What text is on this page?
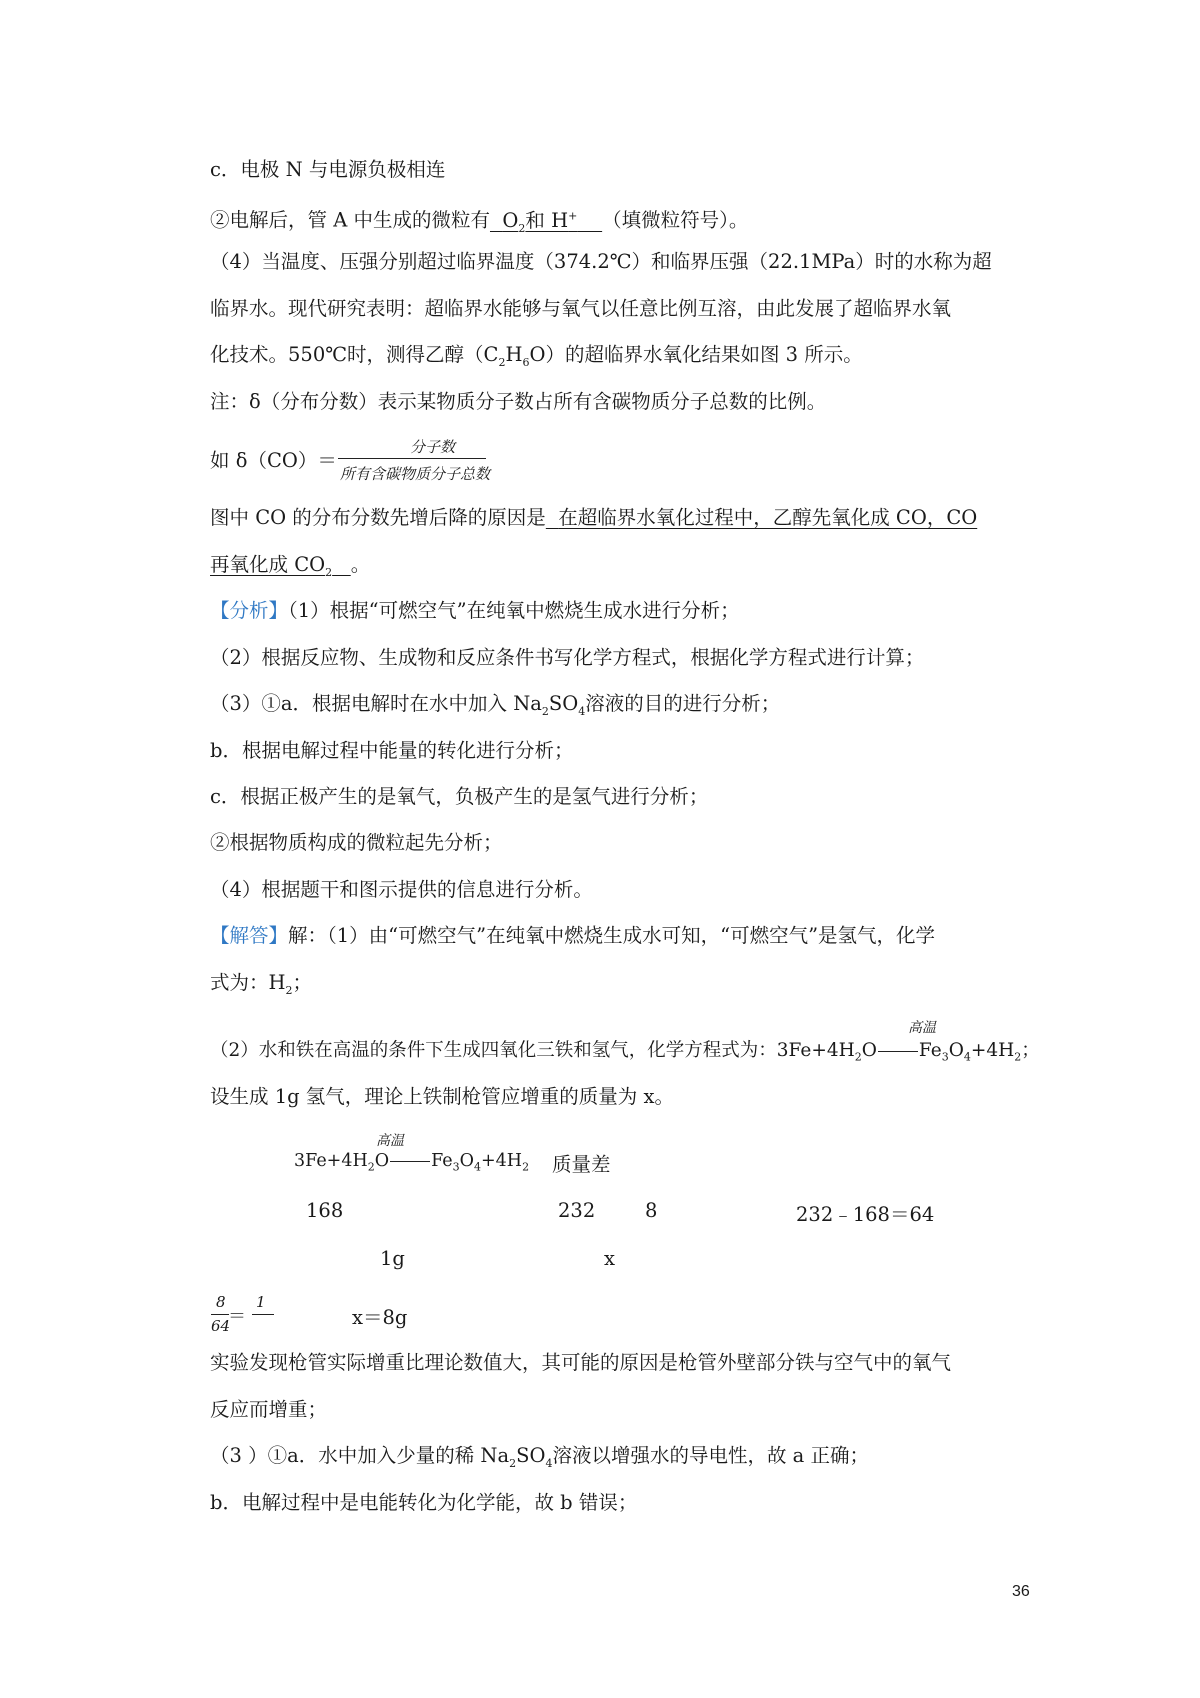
c．电极 N 与电源负极相连
②电解后，管 A 中生成的微粒有 $O_2$和 H+ （填微粒符号）。
（4）当温度、压强分别超过临界温度（374.2℃）和临界压强（22.1MPa）时的水称为超
临界水。现代研究表明：超临界水能够与氧气以任意比例互溶，由此发展了超临界水氧
化技术。550℃时，测得乙醇$(C_2H_6O)$的超临界水氧化结果如图 3 所示。
注：δ（分布分数）表示某物质分子数占所有含碳物质分子总数的比例。
如 δ（CO）＝
分子数
所有含碳物质分子总数
图中 CO 的分布分数先增后降的原因是 在超临界水氧化过程中，乙醇先氧化成 CO，CO
再氧化成 $CO_2$ 。
【分析】（1）根据“可燃空气”在纯氧中燃烧生成水进行分析；
（2）根据反应物、生成物和反应条件书写化学方程式，根据化学方程式进行计算；
（3）①a．根据电解时在水中加入 $Na_2SO_4$溶液的目的进行分析；
b．根据电解过程中能量的转化进行分析；
c．根据正极产生的是氧气，负极产生的是氢气进行分析；
②根据物质构成的微粒起先分析；
（4）根据题干和图示提供的信息进行分析。
【解答】解：（1）由“可燃空气”在纯氧中燃烧生成水可知，“可燃空气”是氢气，化学
式为：$H_2$；
高温
（2）水和铁在高温的条件下生成四氧化三铁和氢气，化学方程式为：$3Fe+4H_2O$ $Fe_3O_4+4H_2$；
设生成 1g 氢气，理论上铁制枪管应增重的质量为 x。
高温
$3Fe+4H_2O$ $Fe_3O_4+4H_2$ 质量差
168	232	8	232﹣168＝64
1g	x
8
64
＝
1
x＝8g
实验发现枪管实际增重比理论数值大，其可能的原因是枪管外壁部分铁与空气中的氧气
反应而增重；
（3 ）①a．水中加入少量的稀 $Na_2SO_4$溶液以增强水的导电性，故 a 正确；
b．电解过程中是电能转化为化学能，故 b 错误；
36
